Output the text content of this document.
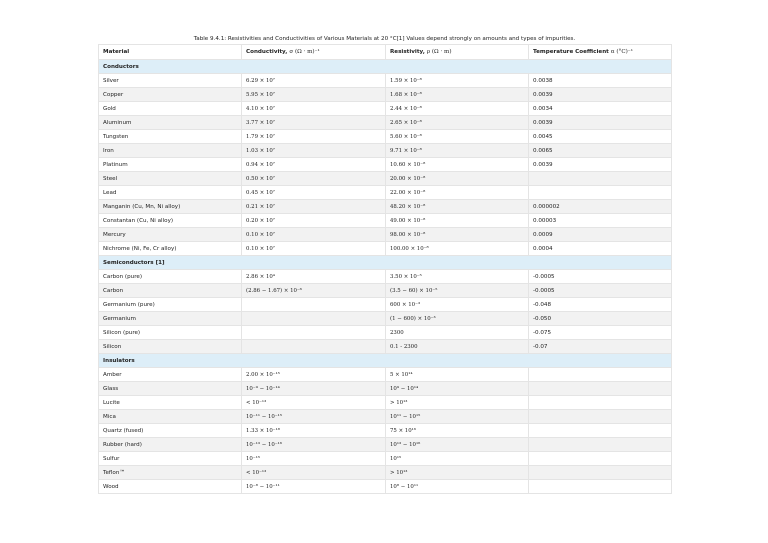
Table 9.4.1: Resistivities and Conductivities of Various Materials at 20 °C[1] Values depend strongly on amounts and types of impurities.
Material	Conductivity, σ (Ω · m)⁻¹	Resistivity, ρ (Ω · m)	Temperature Coefficient α (°C)⁻¹
Conductors			
Silver	6.29 × 10⁷	1.59 × 10⁻⁸	0.0038
Copper	5.95 × 10⁷	1.68 × 10⁻⁸	0.0039
Gold	4.10 × 10⁷	2.44 × 10⁻⁸	0.0034
Aluminum	3.77 × 10⁷	2.65 × 10⁻⁸	0.0039
Tungsten	1.79 × 10⁷	5.60 × 10⁻⁸	0.0045
Iron	1.03 × 10⁷	9.71 × 10⁻⁸	0.0065
Platinum	0.94 × 10⁷	10.60 × 10⁻⁸	0.0039
Steel	0.50 × 10⁷	20.00 × 10⁻⁸	
Lead	0.45 × 10⁷	22.00 × 10⁻⁸	
Manganin (Cu, Mn, Ni alloy)	0.21 × 10⁷	48.20 × 10⁻⁸	0.000002
Constantan (Cu, Ni alloy)	0.20 × 10⁷	49.00 × 10⁻⁸	0.00003
Mercury	0.10 × 10⁷	98.00 × 10⁻⁸	0.0009
Nichrome (Ni, Fe, Cr alloy)	0.10 × 10⁷	100.00 × 10⁻⁸	0.0004
Semiconductors [1]			
Carbon (pure)	2.86 × 10⁴	3.50 × 10⁻⁵	-0.0005
Carbon	(2.86 − 1.67) × 10⁻⁶	(3.5 − 60) × 10⁻⁵	-0.0005
Germanium (pure)		600 × 10⁻³	-0.048
Germanium		(1 − 600) × 10⁻³	-0.050
Silicon (pure)		2300	-0.075
Silicon		0.1 - 2300	-0.07
Insulators			
Amber	2.00 × 10⁻¹⁵	5 × 10¹⁴	
Glass	10⁻⁹ − 10⁻¹⁴	10⁹ − 10¹⁴	
Lucite	< 10⁻¹³	> 10¹³	
Mica	10⁻¹¹ − 10⁻¹⁵	10¹¹ − 10¹⁵	
Quartz (fused)	1.33 × 10⁻¹⁸	75 × 10¹⁶	
Rubber (hard)	10⁻¹³ − 10⁻¹⁶	10¹³ − 10¹⁶	
Sulfur	10⁻¹⁵	10¹⁵	
Teflon™	< 10⁻¹³	> 10¹³	
Wood	10⁻⁸ − 10⁻¹¹	10⁸ − 10¹¹	
